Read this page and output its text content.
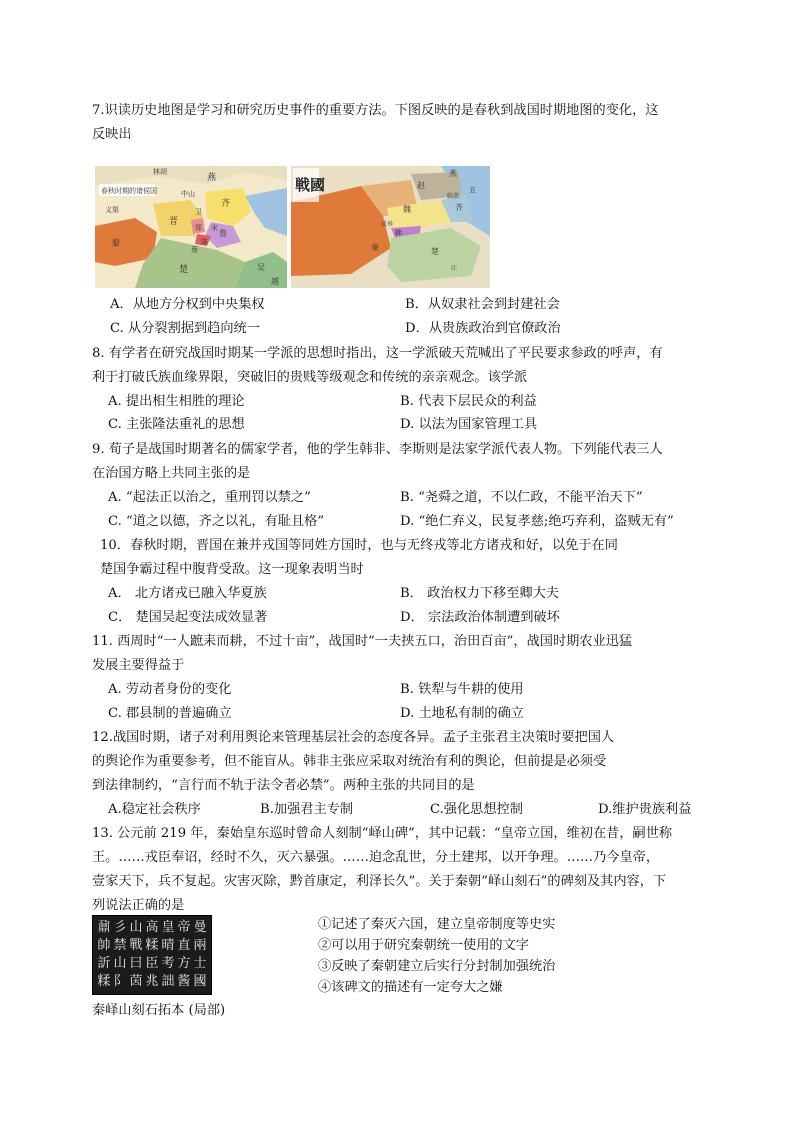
7.识读历史地图是学习和研究历史事件的重要方法。下图反映的是春秋到战国时期地图的变化，这
反映出
春秋时期的诸侯国
林胡
燕
中山
齐
晋
鲁
秦
楚	吴
越
义渠	卫
宋
郑
陈
蔡
戦國	赵
燕
魏
秦
齐
韩
楚
五
临淄
成皋
江
A．从地方分权到中央集权	B．从奴隶社会到封建社会
C. 从分裂割据到趋向统一	D．从贵族政治到官僚政治
8. 有学者在研究战国时期某一学派的思想时指出，这一学派破天荒喊出了平民要求参政的呼声，有
利于打破氏族血缘界限，突破旧的贵贱等级观念和传统的亲亲观念。该学派
A. 提出相生相胜的理论	B. 代表下层民众的利益
C. 主张隆法重礼的思想	D. 以法为国家管理工具
9. 荀子是战国时期著名的儒家学者，他的学生韩非、李斯则是法家学派代表人物。下列能代表三人
在治国方略上共同主张的是
A. “起法正以治之，重刑罚以禁之”	B. “尧舜之道，不以仁政，不能平治天下”
C. “道之以德，齐之以礼，有耻且格”	D. “绝仁弃义，民复孝慈;绝巧弃利，盗贼无有”
10．春秋时期，晋国在兼并戎国等同姓方国时，也与无终戎等北方诸戎和好，以免于在同
楚国争霸过程中腹背受敌。这一现象表明当时
A． 北方诸戎已融入华夏族	B． 政治权力下移至卿大夫
C． 楚国吴起变法成效显著	D． 宗法政治体制遭到破坏
11. 西周时“一人蹠耒而耕，不过十亩”，战国时“一夫挟五口，治田百亩”，战国时期农业迅猛
发展主要得益于
A. 劳动者身份的变化	B. 铁犁与牛耕的使用
C. 郡县制的普遍确立	D. 土地私有制的确立
12.战国时期，诸子对利用舆论来管理基层社会的态度各异。孟子主张君主决策时要把国人
的舆论作为重要参考，但不能盲从。韩非主张应采取对统治有利的舆论，但前提是必须受
到法律制约，“言行而不轨于法令者必禁”。两种主张的共同目的是
A.稳定社会秩序	B.加强君主专制	C.强化思想控制	D.维护贵族利益
13. 公元前 219 年，秦始皇东巡时曾命人刻制“峄山碑”，其中记载：“皇帝立国，维初在昔，嗣世称
王。……戎臣奉诏，经时不久，灭六暴强。……迫念乱世，分土建邦，以开争理。……乃今皇帝，
壹家天下，兵不复起。灾害灭除，黔首康定，利泽长久”。关于秦朝“峄山刻石”的碑刻及其内容，下
列说法正确的是
鼐
帥
訢
糅
彡
禁
山
阝
山
戰
曰
茵
高
糅
臣
兆
皇
晴
考
詘
帝
直
方
酱
曼
兩
士
國
秦峄山刻石拓本 (局部)
①记述了秦灭六国，建立皇帝制度等史实
②可以用于研究秦朝统一使用的文字
③反映了秦朝建立后实行分封制加强统治
④该碑文的描述有一定夸大之嫌
